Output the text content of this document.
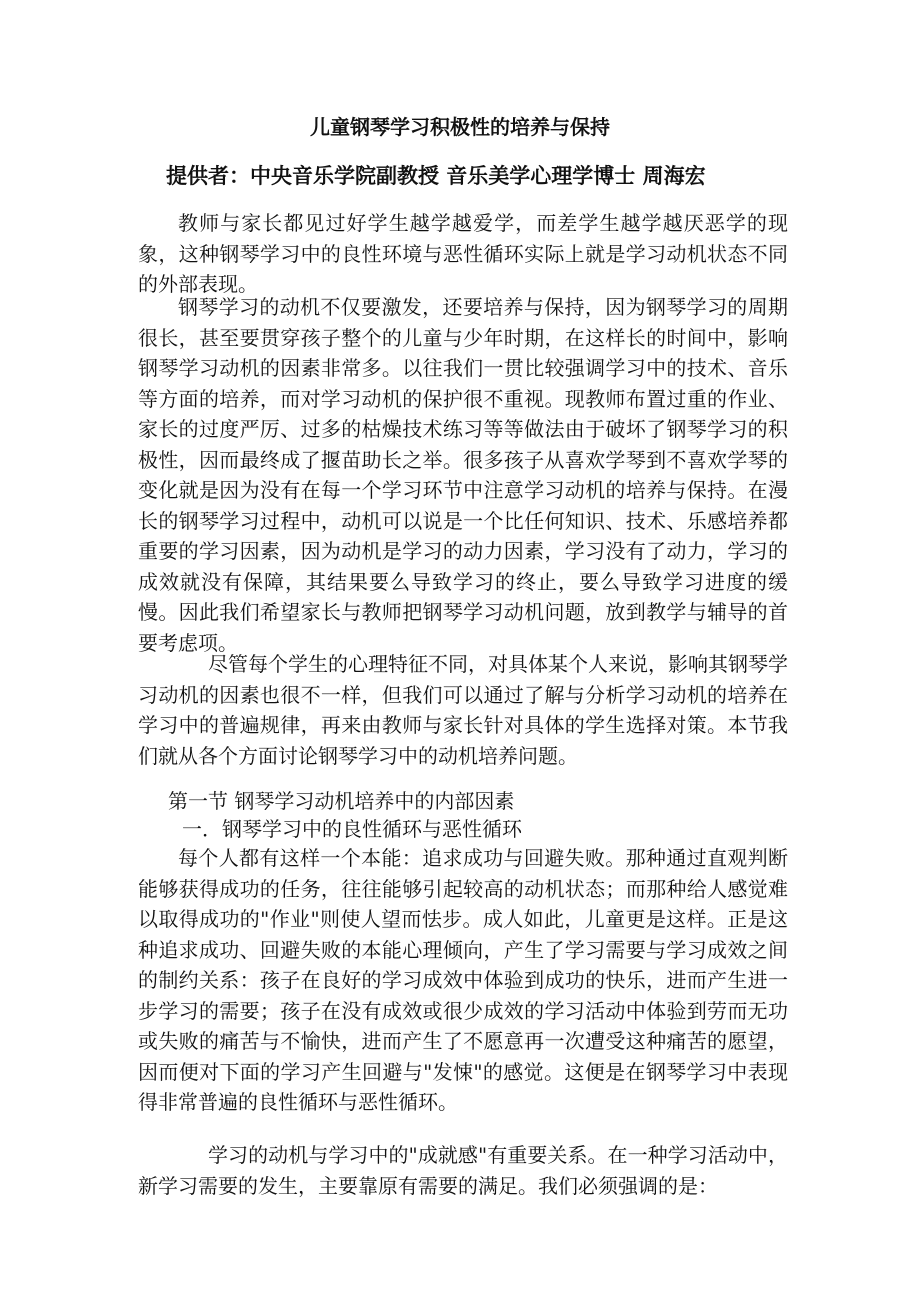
儿童钢琴学习积极性的培养与保持
提供者：中央音乐学院副教授 音乐美学心理学博士 周海宏

教师与家长都见过好学生越学越爱学，而差学生越学越厌恶学的现象，这种钢琴学习中的良性环境与恶性循环实际上就是学习动机状态不同的外部表现。

钢琴学习的动机不仅要激发，还要培养与保持，因为钢琴学习的周期很长，甚至要贯穿孩子整个的儿童与少年时期，在这样长的时间中，影响钢琴学习动机的因素非常多。以往我们一贯比较强调学习中的技术、音乐等方面的培养，而对学习动机的保护很不重视。现教师布置过重的作业、家长的过度严厉、过多的枯燥技术练习等等做法由于破坏了钢琴学习的积极性，因而最终成了揠苗助长之举。很多孩子从喜欢学琴到不喜欢学琴的变化就是因为没有在每一个学习环节中注意学习动机的培养与保持。在漫长的钢琴学习过程中，动机可以说是一个比任何知识、技术、乐感培养都重要的学习因素，因为动机是学习的动力因素，学习没有了动力，学习的成效就没有保障，其结果要么导致学习的终止，要么导致学习进度的缓慢。因此我们希望家长与教师把钢琴学习动机问题，放到教学与辅导的首要考虑项。

尽管每个学生的心理特征不同，对具体某个人来说，影响其钢琴学习动机的因素也很不一样，但我们可以通过了解与分析学习动机的培养在学习中的普遍规律，再来由教师与家长针对具体的学生选择对策。本节我们就从各个方面讨论钢琴学习中的动机培养问题。

第一节 钢琴学习动机培养中的内部因素
一．钢琴学习中的良性循环与恶性循环

每个人都有这样一个本能：追求成功与回避失败。那种通过直观判断能够获得成功的任务，往往能够引起较高的动机状态；而那种给人感觉难以取得成功的"作业"则使人望而怯步。成人如此，儿童更是这样。正是这种追求成功、回避失败的本能心理倾向，产生了学习需要与学习成效之间的制约关系：孩子在良好的学习成效中体验到成功的快乐，进而产生进一步学习的需要；孩子在没有成效或很少成效的学习活动中体验到劳而无功或失败的痛苦与不愉快，进而产生了不愿意再一次遭受这种痛苦的愿望，因而便对下面的学习产生回避与"发悚"的感觉。这便是在钢琴学习中表现得非常普遍的良性循环与恶性循环。

学习的动机与学习中的"成就感"有重要关系。在一种学习活动中，新学习需要的发生，主要靠原有需要的满足。我们必须强调的是：
